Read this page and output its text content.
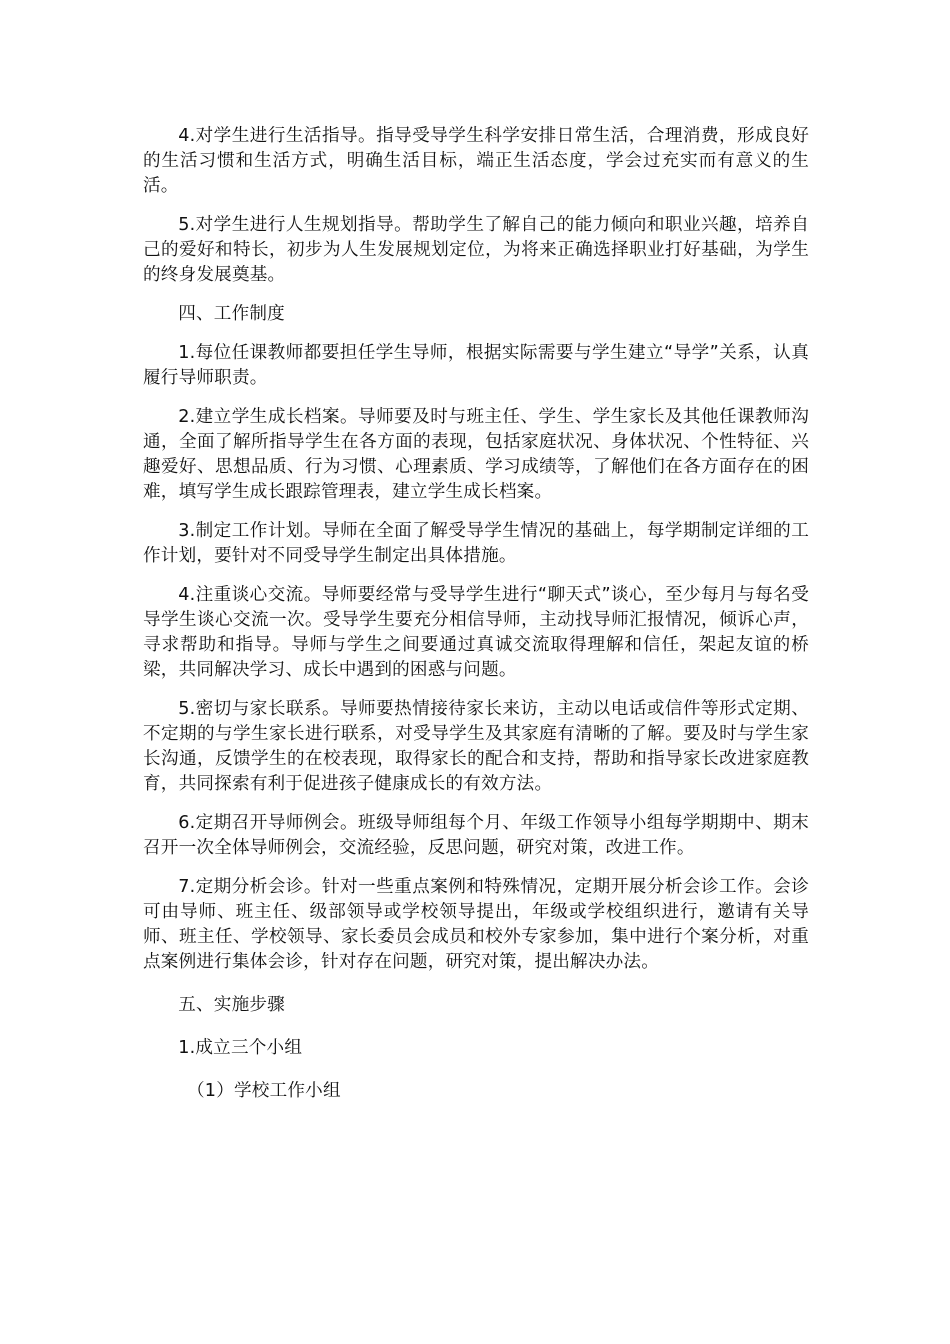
4.对学生进行生活指导。指导受导学生科学安排日常生活，合理消费，形成良好的生活习惯和生活方式，明确生活目标，端正生活态度，学会过充实而有意义的生活。

5.对学生进行人生规划指导。帮助学生了解自己的能力倾向和职业兴趣，培养自己的爱好和特长，初步为人生发展规划定位，为将来正确选择职业打好基础，为学生的终身发展奠基。

四、工作制度

1.每位任课教师都要担任学生导师，根据实际需要与学生建立“导学”关系，认真履行导师职责。

2.建立学生成长档案。导师要及时与班主任、学生、学生家长及其他任课教师沟通，全面了解所指导学生在各方面的表现，包括家庭状况、身体状况、个性特征、兴趣爱好、思想品质、行为习惯、心理素质、学习成绩等，了解他们在各方面存在的困难，填写学生成长跟踪管理表，建立学生成长档案。

3.制定工作计划。导师在全面了解受导学生情况的基础上，每学期制定详细的工作计划，要针对不同受导学生制定出具体措施。

4.注重谈心交流。导师要经常与受导学生进行“聊天式”谈心，至少每月与每名受导学生谈心交流一次。受导学生要充分相信导师，主动找导师汇报情况，倾诉心声，寻求帮助和指导。导师与学生之间要通过真诚交流取得理解和信任，架起友谊的桥梁，共同解决学习、成长中遇到的困惑与问题。

5.密切与家长联系。导师要热情接待家长来访，主动以电话或信件等形式定期、不定期的与学生家长进行联系，对受导学生及其家庭有清晰的了解。要及时与学生家长沟通，反馈学生的在校表现，取得家长的配合和支持，帮助和指导家长改进家庭教育，共同探索有利于促进孩子健康成长的有效方法。

6.定期召开导师例会。班级导师组每个月、年级工作领导小组每学期期中、期末召开一次全体导师例会，交流经验，反思问题，研究对策，改进工作。

7.定期分析会诊。针对一些重点案例和特殊情况，定期开展分析会诊工作。会诊可由导师、班主任、级部领导或学校领导提出，年级或学校组织进行，邀请有关导师、班主任、学校领导、家长委员会成员和校外专家参加，集中进行个案分析，对重点案例进行集体会诊，针对存在问题，研究对策，提出解决办法。

五、实施步骤

1.成立三个小组

（1）学校工作小组
